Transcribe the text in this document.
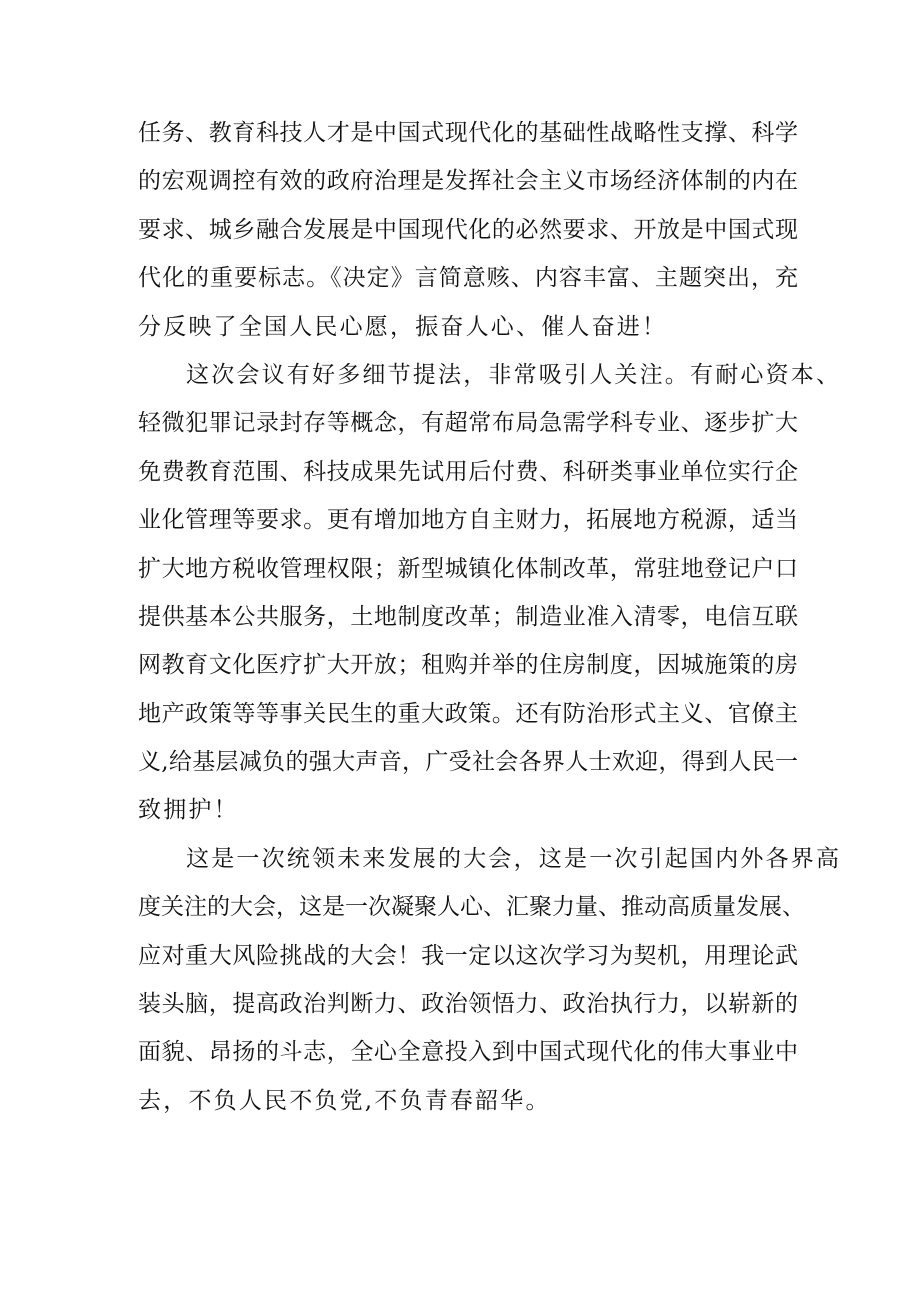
任务、教育科技人才是中国式现代化的基础性战略性支撑、科学
的宏观调控有效的政府治理是发挥社会主义市场经济体制的内在
要求、城乡融合发展是中国现代化的必然要求、开放是中国式现
代化的重要标志。《决定》言简意赅、内容丰富、主题突出，充
分反映了全国人民心愿，振奋人心、催人奋进！
这次会议有好多细节提法，非常吸引人关注。有耐心资本、
轻微犯罪记录封存等概念，有超常布局急需学科专业、逐步扩大
免费教育范围、科技成果先试用后付费、科研类事业单位实行企
业化管理等要求。更有增加地方自主财力，拓展地方税源，适当
扩大地方税收管理权限；新型城镇化体制改革，常驻地登记户口
提供基本公共服务，土地制度改革；制造业准入清零，电信互联
网教育文化医疗扩大开放；租购并举的住房制度，因城施策的房
地产政策等等事关民生的重大政策。还有防治形式主义、官僚主
义,给基层减负的强大声音，广受社会各界人士欢迎，得到人民一
致拥护！
这是一次统领未来发展的大会，这是一次引起国内外各界高
度关注的大会，这是一次凝聚人心、汇聚力量、推动高质量发展、
应对重大风险挑战的大会！我一定以这次学习为契机，用理论武
装头脑，提高政治判断力、政治领悟力、政治执行力，以崭新的
面貌、昂扬的斗志，全心全意投入到中国式现代化的伟大事业中
去，不负人民不负党,不负青春韶华。
